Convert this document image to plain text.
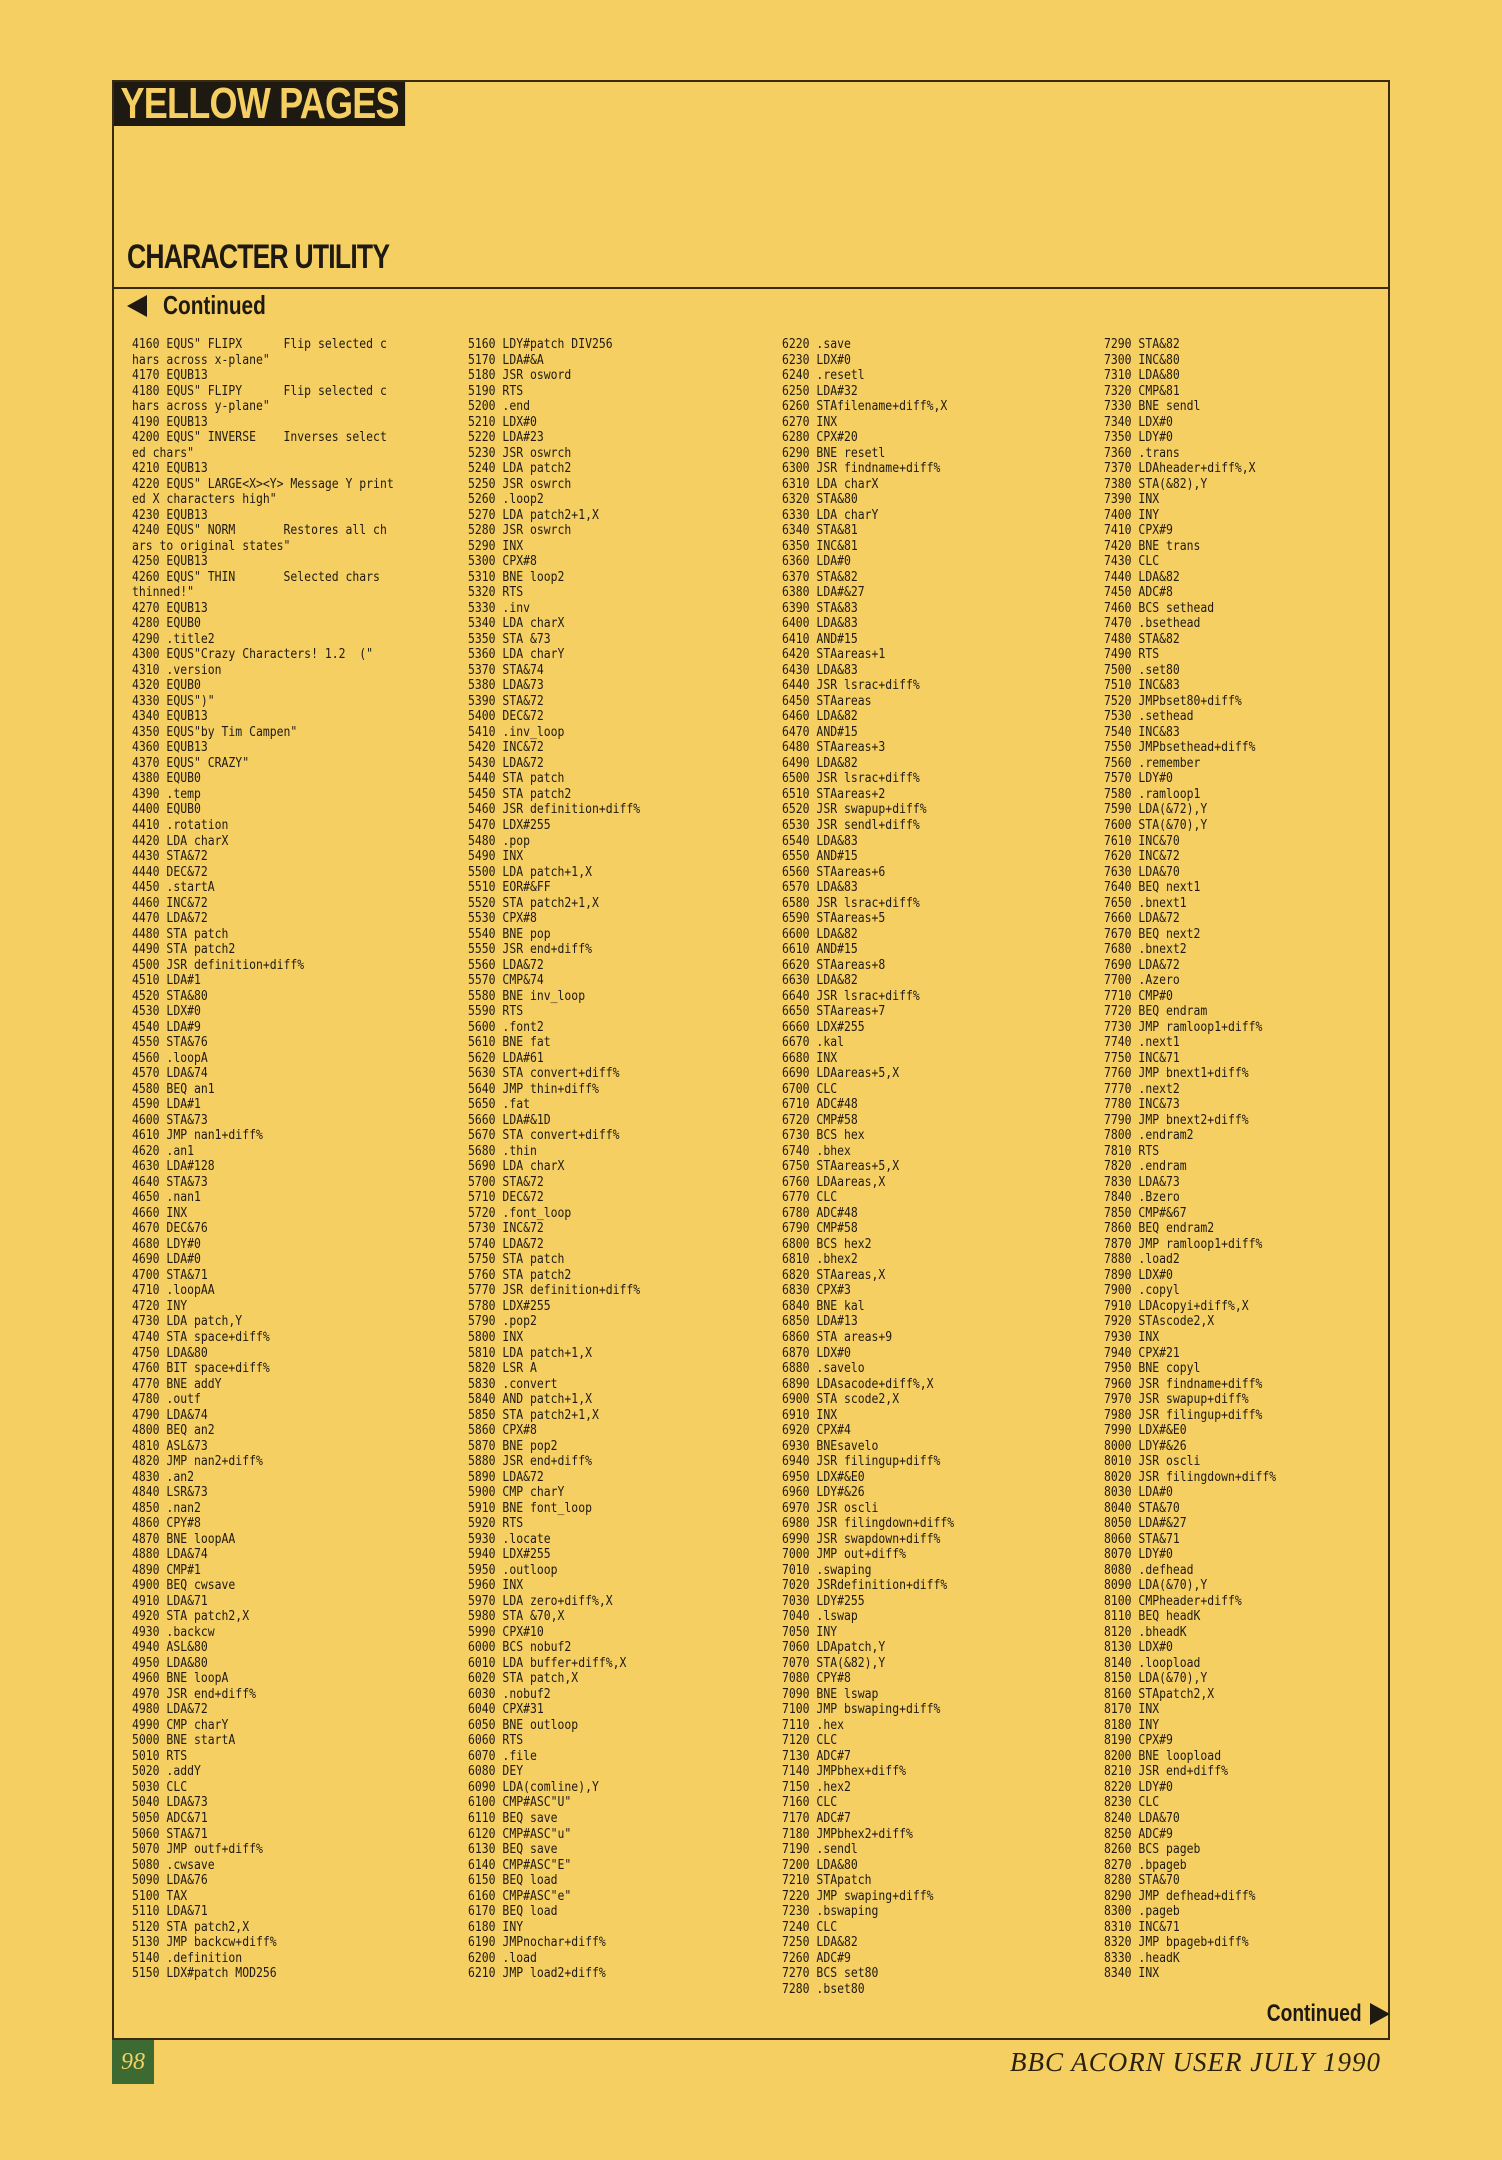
YELLOW PAGES
CHARACTER UTILITY
Continued
4160 EQUS" FLIPX      Flip selected c
hars across x-plane"
4170 EQUB13
4180 EQUS" FLIPY      Flip selected c
hars across y-plane"
4190 EQUB13
4200 EQUS" INVERSE    Inverses select
ed chars"
4210 EQUB13
4220 EQUS" LARGE<X><Y> Message Y print
ed X characters high"
4230 EQUB13
4240 EQUS" NORM       Restores all ch
ars to original states"
4250 EQUB13
4260 EQUS" THIN       Selected chars
thinned!"
4270 EQUB13
4280 EQUB0
4290 .title2
4300 EQUS"Crazy Characters! 1.2  ("
4310 .version
4320 EQUB0
4330 EQUS")"
4340 EQUB13
4350 EQUS"by Tim Campen"
4360 EQUB13
4370 EQUS" CRAZY"
4380 EQUB0
4390 .temp
4400 EQUB0
4410 .rotation
4420 LDA charX
4430 STA&72
4440 DEC&72
4450 .startA
4460 INC&72
4470 LDA&72
4480 STA patch
4490 STA patch2
4500 JSR definition+diff%
4510 LDA#1
4520 STA&80
4530 LDX#0
4540 LDA#9
4550 STA&76
4560 .loopA
4570 LDA&74
4580 BEQ an1
4590 LDA#1
4600 STA&73
4610 JMP nan1+diff%
4620 .an1
4630 LDA#128
4640 STA&73
4650 .nan1
4660 INX
4670 DEC&76
4680 LDY#0
4690 LDA#0
4700 STA&71
4710 .loopAA
4720 INY
4730 LDA patch,Y
4740 STA space+diff%
4750 LDA&80
4760 BIT space+diff%
4770 BNE addY
4780 .outf
4790 LDA&74
4800 BEQ an2
4810 ASL&73
4820 JMP nan2+diff%
4830 .an2
4840 LSR&73
4850 .nan2
4860 CPY#8
4870 BNE loopAA
4880 LDA&74
4890 CMP#1
4900 BEQ cwsave
4910 LDA&71
4920 STA patch2,X
4930 .backcw
4940 ASL&80
4950 LDA&80
4960 BNE loopA
4970 JSR end+diff%
4980 LDA&72
4990 CMP charY
5000 BNE startA
5010 RTS
5020 .addY
5030 CLC
5040 LDA&73
5050 ADC&71
5060 STA&71
5070 JMP outf+diff%
5080 .cwsave
5090 LDA&76
5100 TAX
5110 LDA&71
5120 STA patch2,X
5130 JMP backcw+diff%
5140 .definition
5150 LDX#patch MOD256
5160 LDY#patch DIV256
5170 LDA#&A
5180 JSR osword
5190 RTS
5200 .end
5210 LDX#0
5220 LDA#23
5230 JSR oswrch
5240 LDA patch2
5250 JSR oswrch
5260 .loop2
5270 LDA patch2+1,X
5280 JSR oswrch
5290 INX
5300 CPX#8
5310 BNE loop2
5320 RTS
5330 .inv
5340 LDA charX
5350 STA &73
5360 LDA charY
5370 STA&74
5380 LDA&73
5390 STA&72
5400 DEC&72
5410 .inv_loop
5420 INC&72
5430 LDA&72
5440 STA patch
5450 STA patch2
5460 JSR definition+diff%
5470 LDX#255
5480 .pop
5490 INX
5500 LDA patch+1,X
5510 EOR#&FF
5520 STA patch2+1,X
5530 CPX#8
5540 BNE pop
5550 JSR end+diff%
5560 LDA&72
5570 CMP&74
5580 BNE inv_loop
5590 RTS
5600 .font2
5610 BNE fat
5620 LDA#61
5630 STA convert+diff%
5640 JMP thin+diff%
5650 .fat
5660 LDA#&1D
5670 STA convert+diff%
5680 .thin
5690 LDA charX
5700 STA&72
5710 DEC&72
5720 .font_loop
5730 INC&72
5740 LDA&72
5750 STA patch
5760 STA patch2
5770 JSR definition+diff%
5780 LDX#255
5790 .pop2
5800 INX
5810 LDA patch+1,X
5820 LSR A
5830 .convert
5840 AND patch+1,X
5850 STA patch2+1,X
5860 CPX#8
5870 BNE pop2
5880 JSR end+diff%
5890 LDA&72
5900 CMP charY
5910 BNE font_loop
5920 RTS
5930 .locate
5940 LDX#255
5950 .outloop
5960 INX
5970 LDA zero+diff%,X
5980 STA &70,X
5990 CPX#10
6000 BCS nobuf2
6010 LDA buffer+diff%,X
6020 STA patch,X
6030 .nobuf2
6040 CPX#31
6050 BNE outloop
6060 RTS
6070 .file
6080 DEY
6090 LDA(comline),Y
6100 CMP#ASC"U"
6110 BEQ save
6120 CMP#ASC"u"
6130 BEQ save
6140 CMP#ASC"E"
6150 BEQ load
6160 CMP#ASC"e"
6170 BEQ load
6180 INY
6190 JMPnochar+diff%
6200 .load
6210 JMP load2+diff%
6220 .save
6230 LDX#0
6240 .resetl
6250 LDA#32
6260 STAfilename+diff%,X
6270 INX
6280 CPX#20
6290 BNE resetl
6300 JSR findname+diff%
6310 LDA charX
6320 STA&80
6330 LDA charY
6340 STA&81
6350 INC&81
6360 LDA#0
6370 STA&82
6380 LDA#&27
6390 STA&83
6400 LDA&83
6410 AND#15
6420 STAareas+1
6430 LDA&83
6440 JSR lsrac+diff%
6450 STAareas
6460 LDA&82
6470 AND#15
6480 STAareas+3
6490 LDA&82
6500 JSR lsrac+diff%
6510 STAareas+2
6520 JSR swapup+diff%
6530 JSR sendl+diff%
6540 LDA&83
6550 AND#15
6560 STAareas+6
6570 LDA&83
6580 JSR lsrac+diff%
6590 STAareas+5
6600 LDA&82
6610 AND#15
6620 STAareas+8
6630 LDA&82
6640 JSR lsrac+diff%
6650 STAareas+7
6660 LDX#255
6670 .kal
6680 INX
6690 LDAareas+5,X
6700 CLC
6710 ADC#48
6720 CMP#58
6730 BCS hex
6740 .bhex
6750 STAareas+5,X
6760 LDAareas,X
6770 CLC
6780 ADC#48
6790 CMP#58
6800 BCS hex2
6810 .bhex2
6820 STAareas,X
6830 CPX#3
6840 BNE kal
6850 LDA#13
6860 STA areas+9
6870 LDX#0
6880 .savelo
6890 LDAsacode+diff%,X
6900 STA scode2,X
6910 INX
6920 CPX#4
6930 BNEsavelo
6940 JSR filingup+diff%
6950 LDX#&E0
6960 LDY#&26
6970 JSR oscli
6980 JSR filingdown+diff%
6990 JSR swapdown+diff%
7000 JMP out+diff%
7010 .swaping
7020 JSRdefinition+diff%
7030 LDY#255
7040 .lswap
7050 INY
7060 LDApatch,Y
7070 STA(&82),Y
7080 CPY#8
7090 BNE lswap
7100 JMP bswaping+diff%
7110 .hex
7120 CLC
7130 ADC#7
7140 JMPbhex+diff%
7150 .hex2
7160 CLC
7170 ADC#7
7180 JMPbhex2+diff%
7190 .sendl
7200 LDA&80
7210 STApatch
7220 JMP swaping+diff%
7230 .bswaping
7240 CLC
7250 LDA&82
7260 ADC#9
7270 BCS set80
7280 .bset80
7290 STA&82
7300 INC&80
7310 LDA&80
7320 CMP&81
7330 BNE sendl
7340 LDX#0
7350 LDY#0
7360 .trans
7370 LDAheader+diff%,X
7380 STA(&82),Y
7390 INX
7400 INY
7410 CPX#9
7420 BNE trans
7430 CLC
7440 LDA&82
7450 ADC#8
7460 BCS sethead
7470 .bsethead
7480 STA&82
7490 RTS
7500 .set80
7510 INC&83
7520 JMPbset80+diff%
7530 .sethead
7540 INC&83
7550 JMPbsethead+diff%
7560 .remember
7570 LDY#0
7580 .ramloop1
7590 LDA(&72),Y
7600 STA(&70),Y
7610 INC&70
7620 INC&72
7630 LDA&70
7640 BEQ next1
7650 .bnext1
7660 LDA&72
7670 BEQ next2
7680 .bnext2
7690 LDA&72
7700 .Azero
7710 CMP#0
7720 BEQ endram
7730 JMP ramloop1+diff%
7740 .next1
7750 INC&71
7760 JMP bnext1+diff%
7770 .next2
7780 INC&73
7790 JMP bnext2+diff%
7800 .endram2
7810 RTS
7820 .endram
7830 LDA&73
7840 .Bzero
7850 CMP#&67
7860 BEQ endram2
7870 JMP ramloop1+diff%
7880 .load2
7890 LDX#0
7900 .copyl
7910 LDAcopyi+diff%,X
7920 STAscode2,X
7930 INX
7940 CPX#21
7950 BNE copyl
7960 JSR findname+diff%
7970 JSR swapup+diff%
7980 JSR filingup+diff%
7990 LDX#&E0
8000 LDY#&26
8010 JSR oscli
8020 JSR filingdown+diff%
8030 LDA#0
8040 STA&70
8050 LDA#&27
8060 STA&71
8070 LDY#0
8080 .defhead
8090 LDA(&70),Y
8100 CMPheader+diff%
8110 BEQ headK
8120 .bheadK
8130 LDX#0
8140 .loopload
8150 LDA(&70),Y
8160 STApatch2,X
8170 INX
8180 INY
8190 CPX#9
8200 BNE loopload
8210 JSR end+diff%
8220 LDY#0
8230 CLC
8240 LDA&70
8250 ADC#9
8260 BCS pageb
8270 .bpageb
8280 STA&70
8290 JMP defhead+diff%
8300 .pageb
8310 INC&71
8320 JMP bpageb+diff%
8330 .headK
8340 INX
Continued
98	BBC ACORN USER JULY 1990
